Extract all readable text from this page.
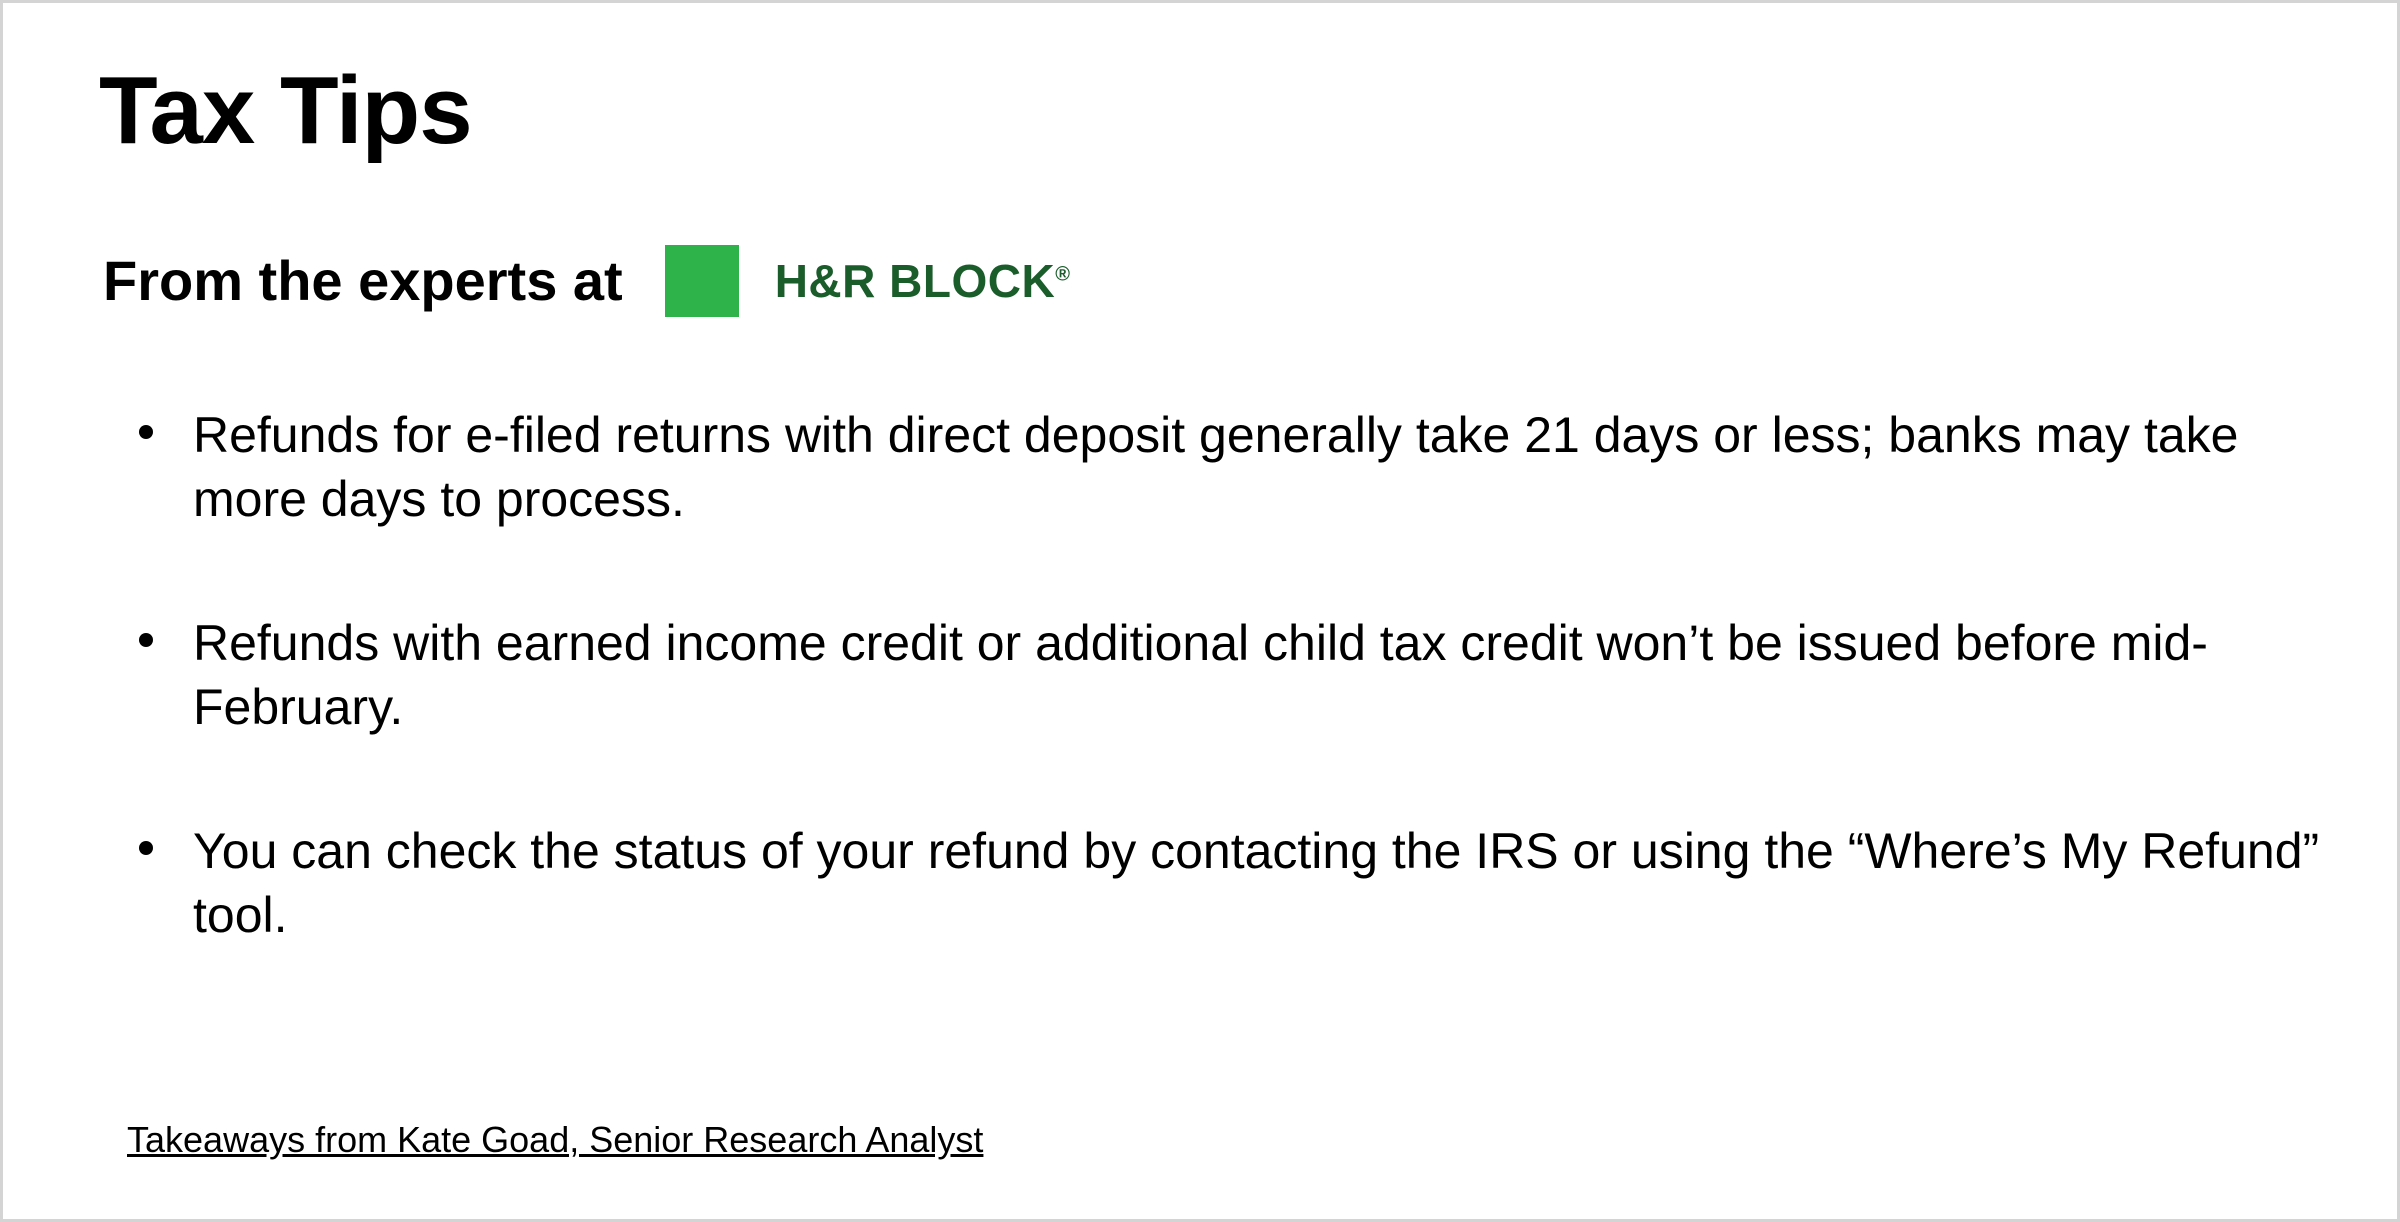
Tax Tips
From the experts at	H&R BLOCK®
Refunds for e-filed returns with direct deposit generally take 21 days or less; banks may take more days to process.
Refunds with earned income credit or additional child tax credit won’t be issued before mid-February.
You can check the status of your refund by contacting the IRS or using the “Where’s My Refund” tool.
Takeaways from Kate Goad, Senior Research Analyst
